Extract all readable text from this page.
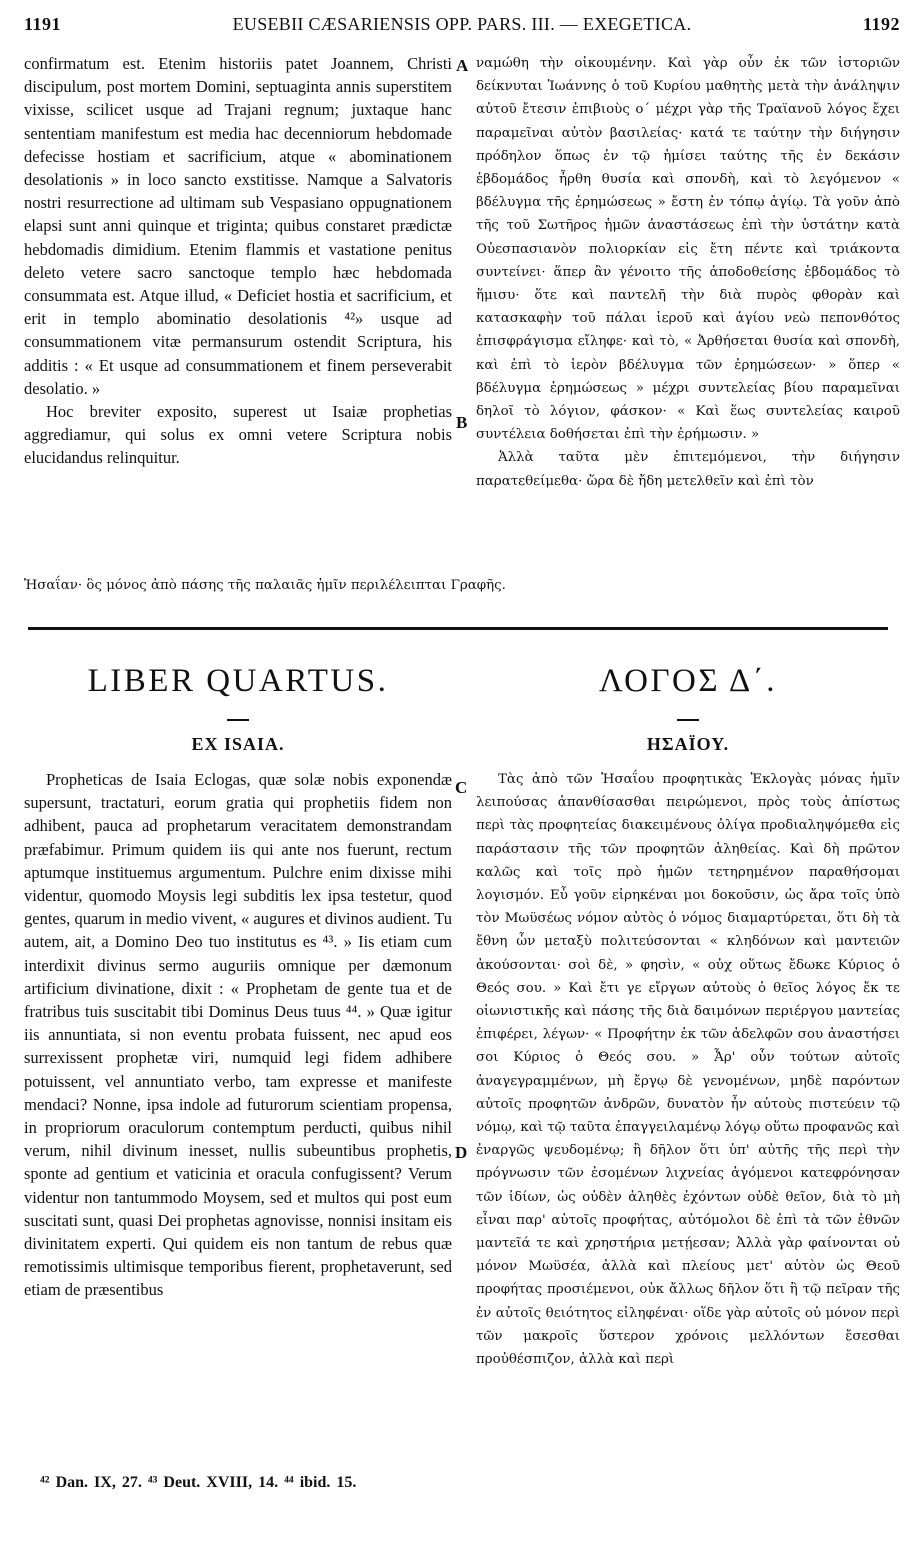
1191	EUSEBII CÆSARIENSIS OPP. PARS. III. — EXEGETICA.	1192

confirmatum est. Etenim historiis patet Joannem, Christi discipulum, post mortem Domini, septuaginta annis superstitem vixisse, scilicet usque ad Trajani regnum; juxtaque hanc sententiam manifestum est media hac decenniorum hebdomade defecisse hostiam et sacrificium, atque « abominationem desolationis » in loco sancto exstitisse. Namque a Salvatoris nostri resurrectione ad ultimam sub Vespasiano oppugnationem elapsi sunt anni quinque et triginta; quibus constaret prædictæ hebdomadis dimidium. Etenim flammis et vastatione penitus deleto vetere sacro sanctoque templo hæc hebdomada consummata est. Atque illud, « Deficiet hostia et sacrificium, et erit in templo abominatio desolationis ⁴²» usque ad consummationem vitæ permansurum ostendit Scriptura, his additis : « Et usque ad consummationem et finem perseverabit desolatio. »

Hoc breviter exposito, superest ut Isaiæ prophetias aggrediamur, qui solus ex omni vetere Scriptura nobis elucidandus relinquitur.

ναμώθη τὴν οἰκουμένην. Καὶ γὰρ οὖν ἐκ τῶν ἱστοριῶν δείκνυται Ἰωάννης ὁ τοῦ Κυρίου μαθητὴς μετὰ τὴν ἀνάληψιν αὐτοῦ ἔτεσιν ἐπιβιοὺς ο΄ μέχρι γὰρ τῆς Τραϊανοῦ λόγος ἔχει παραμεῖναι αὐτὸν βασιλείας· κατά τε ταύτην τὴν διήγησιν πρόδηλον ὅπως ἐν τῷ ἡμίσει ταύτης τῆς ἐν δεκάσιν ἑβδομάδος ἦρθη θυσία καὶ σπονδὴ, καὶ τὸ λεγόμενον « βδέλυγμα τῆς ἐρημώσεως » ἔστη ἐν τόπῳ ἁγίῳ. Τὰ γοῦν ἀπὸ τῆς τοῦ Σωτῆρος ἡμῶν ἀναστάσεως ἐπὶ τὴν ὑστάτην κατὰ Οὐεσπασιανὸν πολιορκίαν εἰς ἔτη πέντε καὶ τριάκοντα συντείνει· ἅπερ ἂν γένοιτο τῆς ἀποδοθείσης ἑβδομάδος τὸ ἥμισυ· ὅτε καὶ παντελῆ τὴν διὰ πυρὸς φθορὰν καὶ κατασκαφὴν τοῦ πάλαι ἱεροῦ καὶ ἁγίου νεὼ πεπονθότος ἐπισφράγισμα εἴληφε· καὶ τὸ, « Ἀρθήσεται θυσία καὶ σπονδὴ, καὶ ἐπὶ τὸ ἱερὸν βδέλυγμα τῶν ἐρημώσεων· » ὅπερ « βδέλυγμα ἐρημώσεως » μέχρι συντελείας βίου παραμεῖναι δηλοῖ τὸ λόγιον, φάσκον· « Καὶ ἕως συντελείας καιροῦ συντέλεια δοθήσεται ἐπὶ τὴν ἐρήμωσιν. »

Ἀλλὰ ταῦτα μὲν ἐπιτεμόμενοι, τὴν διήγησιν παρατεθείμεθα· ὥρα δὲ ἤδη μετελθεῖν καὶ ἐπὶ τὸν

Ἡσαΐαν· ὃς μόνος ἀπὸ πάσης τῆς παλαιᾶς ἡμῖν περιλέλειπται Γραφῆς.
A
B
C
D
LIBER QUARTUS.	ΛΟΓΟΣ Δ΄.
EX ISAIA.	ΗΣΑΪΟΥ.

Propheticas de Isaia Eclogas, quæ solæ nobis exponendæ supersunt, tractaturi, eorum gratia qui prophetiis fidem non adhibent, pauca ad prophetarum veracitatem demonstrandam præfabimur. Primum quidem iis qui ante nos fuerunt, rectum aptumque instituemus argumentum. Pulchre enim dixisse mihi videntur, quomodo Moysis legi subditis lex ipsa testetur, quod gentes, quarum in medio vivent, « augures et divinos audient. Tu autem, ait, a Domino Deo tuo institutus es ⁴³. » Iis etiam cum interdixit divinus sermo auguriis omnique per dæmonum artificium divinatione, dixit : « Prophetam de gente tua et de fratribus tuis suscitabit tibi Dominus Deus tuus ⁴⁴. » Quæ igitur iis annuntiata, si non eventu probata fuissent, nec apud eos surrexissent prophetæ viri, numquid legi fidem adhibere potuissent, vel annuntiato verbo, tam expresse et manifeste mendaci? Nonne, ipsa indole ad futurorum scientiam propensa, in propriorum oraculorum contemptum perducti, quibus nihil verum, nihil divinum inesset, nullis subeuntibus prophetis, sponte ad gentium et vaticinia et oracula confugissent? Verum videntur non tantummodo Moysem, sed et multos qui post eum suscitati sunt, quasi Dei prophetas agnovisse, nonnisi insitam eis divinitatem experti. Qui quidem eis non tantum de rebus quæ remotissimis ultimisque temporibus fierent, prophetaverunt, sed etiam de præsentibus

Τὰς ἀπὸ τῶν Ἡσαΐου προφητικὰς Ἐκλογὰς μόνας ἡμῖν λειπούσας ἀπανθίσασθαι πειρώμενοι, πρὸς τοὺς ἀπίστως περὶ τὰς προφητείας διακειμένους ὀλίγα προδιαληψόμεθα εἰς παράστασιν τῆς τῶν προφητῶν ἀληθείας. Καὶ δὴ πρῶτον καλῶς καὶ τοῖς πρὸ ἡμῶν τετηρημένον παραθήσομαι λογισμόν. Εὖ γοῦν εἰρηκέναι μοι δοκοῦσιν, ὡς ἄρα τοῖς ὑπὸ τὸν Μωϋσέως νόμον αὐτὸς ὁ νόμος διαμαρτύρεται, ὅτι δὴ τὰ ἔθνη ὧν μεταξὺ πολιτεύσονται « κληδόνων καὶ μαντειῶν ἀκούσονται· σοὶ δὲ, » φησὶν, « οὐχ οὕτως ἔδωκε Κύριος ὁ Θεός σου. » Καὶ ἔτι γε εἴργων αὐτοὺς ὁ θεῖος λόγος ἔκ τε οἰωνιστικῆς καὶ πάσης τῆς διὰ δαιμόνων περιέργου μαντείας ἐπιφέρει, λέγων· « Προφήτην ἐκ τῶν ἀδελφῶν σου ἀναστήσει σοι Κύριος ὁ Θεός σου. » Ἆρ' οὖν τούτων αὐτοῖς ἀναγεγραμμένων, μὴ ἔργῳ δὲ γενομένων, μηδὲ παρόντων αὐτοῖς προφητῶν ἀνδρῶν, δυνατὸν ἦν αὐτοὺς πιστεύειν τῷ νόμῳ, καὶ τῷ ταῦτα ἐπαγγειλαμένῳ λόγῳ οὕτω προφανῶς καὶ ἐναργῶς ψευδομένῳ; ἢ δῆλον ὅτι ὑπ' αὐτῆς τῆς περὶ τὴν πρόγνωσιν τῶν ἐσομένων λιχνείας ἀγόμενοι κατεφρόνησαν τῶν ἰδίων, ὡς οὐδὲν ἀληθὲς ἐχόντων οὐδὲ θεῖον, διὰ τὸ μὴ εἶναι παρ' αὐτοῖς προφήτας, αὐτόμολοι δὲ ἐπὶ τὰ τῶν ἐθνῶν μαντεῖά τε καὶ χρηστήρια μετῄεσαν; Ἀλλὰ γὰρ φαίνονται οὐ μόνον Μωϋσέα, ἀλλὰ καὶ πλείους μετ' αὐτὸν ὡς Θεοῦ προφήτας προσιέμενοι, οὐκ ἄλλως δῆλον ὅτι ἢ τῷ πεῖραν τῆς ἐν αὐτοῖς θειότητος εἰληφέναι· οἵδε γὰρ αὐτοῖς οὐ μόνον περὶ τῶν μακροῖς ὕστερον χρόνοις μελλόντων ἔσεσθαι προὐθέσπιζον, ἀλλὰ καὶ περὶ

⁴² Dan. IX, 27. ⁴³ Deut. XVIII, 14. ⁴⁴ ibid. 15.
